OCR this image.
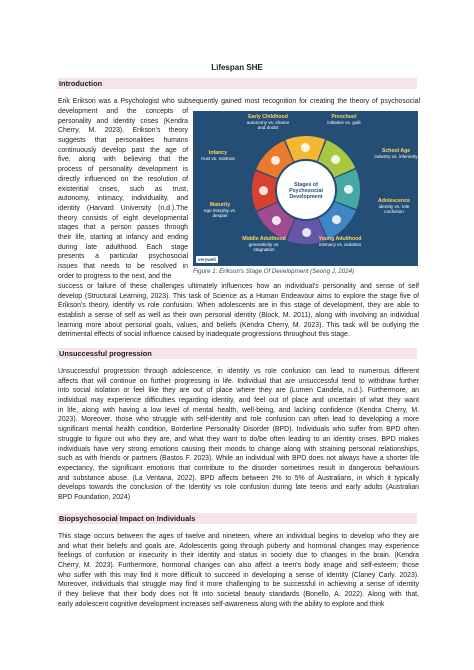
Lifespan SHE
Introduction
Erik Erikson was a Psychologist who subsequently gained most recognition for creating the theory of psychosocial
development and the concepts of
personality and identity crises (Kendra
Cherry, M. 2023). Erikson’s theory
suggests that personalities humans
continuously develop past the age of
five, along with believing that the
process of personality development is
directly influenced on the resolution of
existential crises, such as trust,
autonomy, intimacy, individuality, and
identity (Harvard University (n.d.).The
theory consists of eight developmental
stages that a person passes through
their life, starting at infancy and ending
during late adulthood. Each stage
presents a particular psychosocial
issues that needs to be resolved in
order to progress to the next, and the
success or failure of these challenges ultimately influences how an individual's personality and sense of self
develop (Structural Learning, 2023). This task of Science as a Human Endeavour aims to explore the stage five of
Erikson’s theory, identify vs role confusion. When adolescents are in this stage of development, they are able to
establish a sense of self as well as their own personal identity (Block, M. 2011), along with involving an individual
learning more about personal goals, values, and beliefs (Kendra Cherry, M. 2023). This task will be outlying the
detrimental effects of social influence caused by inadequate progressions throughout this stage.
Stages of Psychosocial Development
Infancy
trust vs. mistrust
Early Childhood
autonomy vs. shame and doubt
Preschool
initiative vs. guilt
School Age
industry vs. inferiority
Adolescence
identity vs. role confusion
Young Adulthood
intimacy vs. isolation
Middle Adulthood
generativity vs. stagnation
Maturity
ego integrity vs. despair
verywell
Figure 1: Erikson's Stage Of Development (Seong J, 2024)
Unsuccessful progression
Unsuccessful progression through adolescence, in identity vs role confusion can lead to numerous different
affects that will continue on further progressing in life. Individual that are unsuccessful tend to withdraw further
into social isolation or feel like they are out of place where they are (Lumen Candela, n.d.). Furthermore, an
individual may experience difficulties regarding identity, and feel out of place and uncertain of what they want
in life, along with having a low level of mental health, well-being, and lacking confidence (Kendra Cherry, M.
2023). Moreover, those who struggle with self-identity and role confusion can often lead to developing a more
significant mental health condition, Borderline Personality Disorder (BPD). Individuals who suffer from BPD often
struggle to figure out who they are, and what they want to do/be often leading to an identity crises. BPD makes
individuals have very strong emotions causing their moods to change along with straining personal relationships,
such as with friends or partners (Bastos F. 2023). While an individual with BPD does not always have a shorter life
expectancy, the significant emotions that contribute to the disorder sometimes result in dangerous behaviours
and substance abuse. (La Ventana, 2022). BPD affects between 2% to 5% of Australians, in which it typically
develops towards the conclusion of the Identity vs role confusion during late teens and early adults (Australian
BPD Foundation, 2024)
Biopsychosocial Impact on Individuals
This stage occurs between the ages of twelve and nineteen, where an individual begins to develop who they are
and what their beliefs and goals are. Adolescents going through puberty and hormonal changes may experience
feelings of confusion or insecurity in their identity and status in society due to changes in the brain. (Kendra
Cherry, M. 2023). Furthermore, hormonal changes can also affect a teen's body image and self-esteem; those
who suffer with this may find it more difficult to succeed in developing a sense of identity (Claney Carly. 2023).
Moreover, individuals that struggle may find it more challenging to be successful in achieving a sense of identity
if they believe that their body does not fit into societal beauty standards (Bonello, A. 2022). Along with that,
early adolescent cognitive development increases self-awareness along with the ability to explore and think
